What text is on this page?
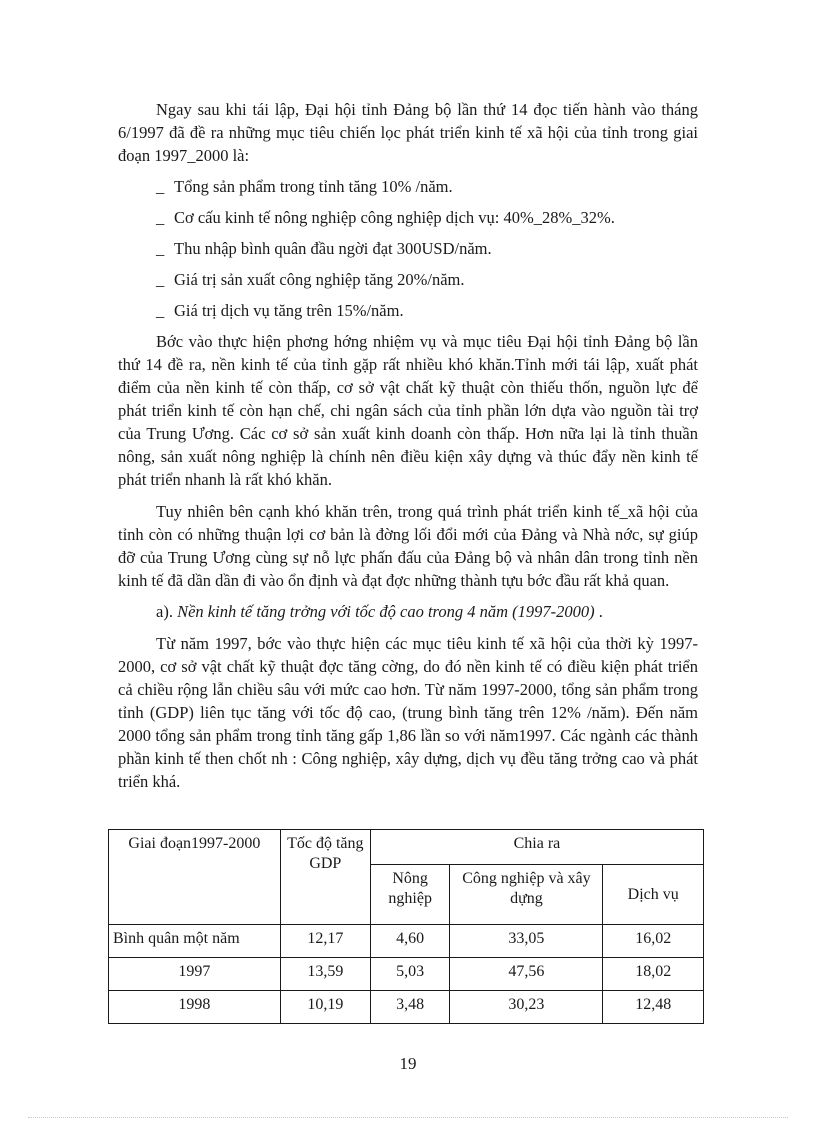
Ngay sau khi tái lập, Đại hội tỉnh Đảng bộ lần thứ 14 đọc tiến hành vào tháng 6/1997 đã đề ra những mục tiêu chiến lọc phát triển kinh tế xã hội của tỉnh trong giai đoạn 1997_2000 là:

_ Tổng sản phẩm trong tỉnh tăng 10% /năm.
_ Cơ cấu kinh tế nông nghiệp công nghiệp dịch vụ: 40%_28%_32%.
_ Thu nhập bình quân đầu ngời đạt 300USD/năm.
_ Giá trị sản xuất công nghiệp tăng 20%/năm.
_ Giá trị dịch vụ tăng trên 15%/năm.

Bớc vào thực hiện phơng hớng nhiệm vụ và mục tiêu Đại hội tỉnh Đảng bộ lần thứ 14 đề ra, nền kinh tế của tỉnh gặp rất nhiều khó khăn.Tỉnh mới tái lập, xuất phát điểm của nền kinh tế còn thấp, cơ sở vật chất kỹ thuật còn thiếu thốn, nguồn lực để phát triển kinh tế còn hạn chế, chi ngân sách của tỉnh phần lớn dựa vào nguồn tài trợ của Trung Ương. Các cơ sở sản xuất kinh doanh còn thấp. Hơn nữa lại là tỉnh thuần nông, sản xuất nông nghiệp là chính nên điều kiện xây dựng và thúc đẩy nền kinh tế phát triển nhanh là rất khó khăn.

Tuy nhiên bên cạnh khó khăn trên, trong quá trình phát triển kinh tế_xã hội của tỉnh còn có những thuận lợi cơ bản là đờng lối đổi mới của Đảng và Nhà nớc, sự giúp đỡ của Trung Ương cùng sự nỗ lực phấn đấu của Đảng bộ và nhân dân trong tỉnh nền kinh tế đã dần dần đi vào ổn định và đạt đợc những thành tựu bớc đầu rất khả quan.

a). Nền kinh tế tăng trởng với tốc độ cao trong 4 năm (1997-2000) .

Từ năm 1997, bớc vào thực hiện các mục tiêu kinh tế xã hội của thời kỳ 1997-2000, cơ sở vật chất kỹ thuật đợc tăng cờng, do đó nền kinh tế có điều kiện phát triển cả chiều rộng lẫn chiều sâu với mức cao hơn. Từ năm 1997-2000, tổng sản phẩm trong tỉnh (GDP) liên tục tăng với tốc độ cao, (trung bình tăng trên 12% /năm). Đến năm 2000 tổng sản phẩm trong tỉnh tăng gấp 1,86 lần so với năm1997. Các ngành các thành phần kinh tế then chốt nh : Công nghiệp, xây dựng, dịch vụ đều tăng trởng cao và phát triển khá.

Giai đoạn1997-2000	Tốc độ tăng GDP	Chia ra		
		Nông nghiệp	Công nghiệp và xây dựng	Dịch vụ
Bình quân một năm	12,17	4,60	33,05	16,02
1997	13,59	5,03	47,56	18,02
1998	10,19	3,48	30,23	12,48
19
